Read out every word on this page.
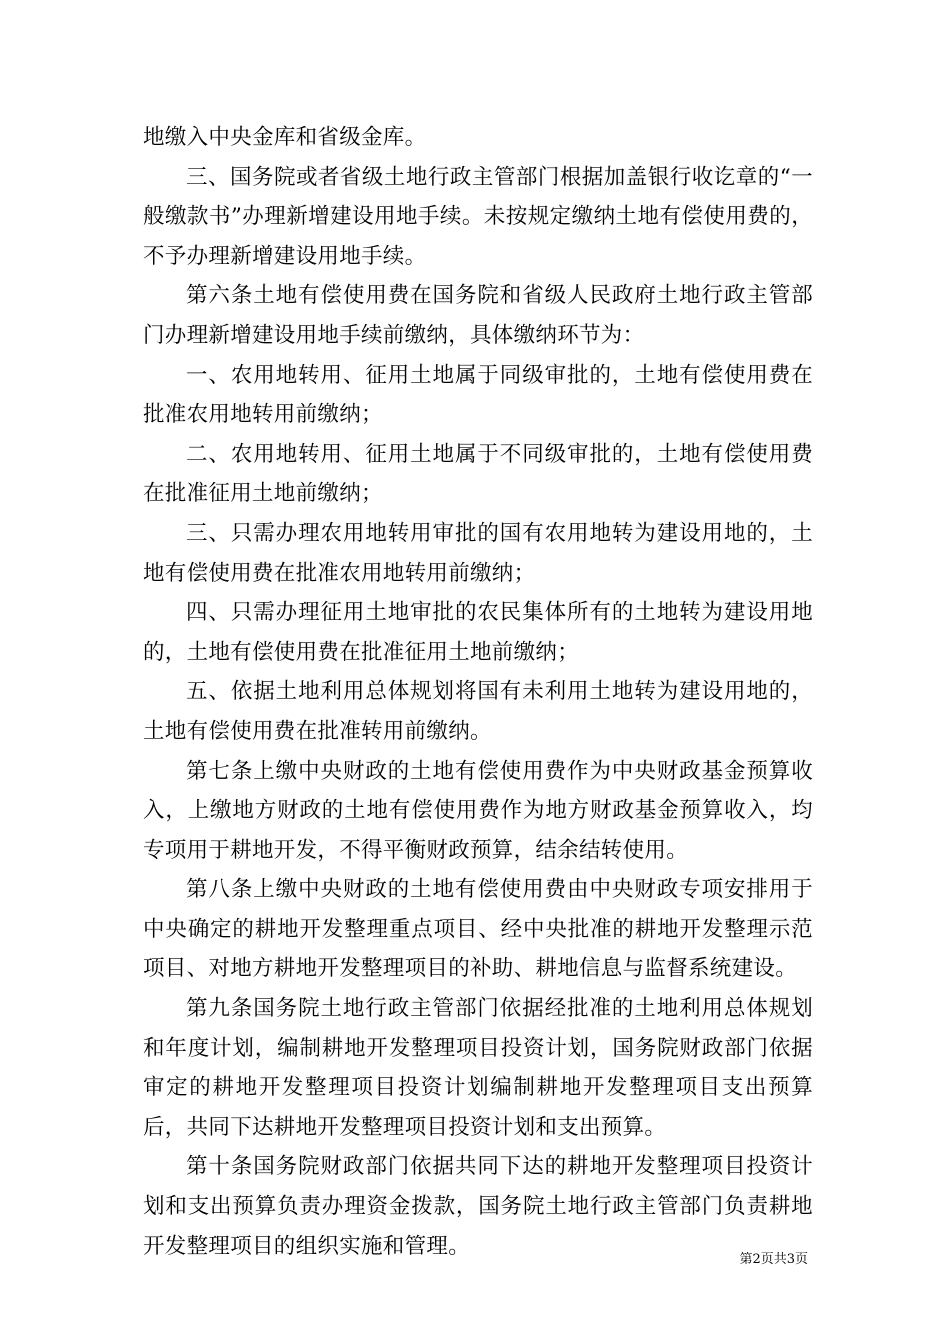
地缴入中央金库和省级金库。

三、国务院或者省级土地行政主管部门根据加盖银行收讫章的“一般缴款书”办理新增建设用地手续。未按规定缴纳土地有偿使用费的，不予办理新增建设用地手续。

第六条土地有偿使用费在国务院和省级人民政府土地行政主管部门办理新增建设用地手续前缴纳，具体缴纳环节为：

一、农用地转用、征用土地属于同级审批的，土地有偿使用费在批准农用地转用前缴纳；

二、农用地转用、征用土地属于不同级审批的，土地有偿使用费在批准征用土地前缴纳；

三、只需办理农用地转用审批的国有农用地转为建设用地的，土地有偿使用费在批准农用地转用前缴纳；

四、只需办理征用土地审批的农民集体所有的土地转为建设用地的，土地有偿使用费在批准征用土地前缴纳；

五、依据土地利用总体规划将国有未利用土地转为建设用地的，土地有偿使用费在批准转用前缴纳。

第七条上缴中央财政的土地有偿使用费作为中央财政基金预算收入，上缴地方财政的土地有偿使用费作为地方财政基金预算收入，均专项用于耕地开发，不得平衡财政预算，结余结转使用。

第八条上缴中央财政的土地有偿使用费由中央财政专项安排用于中央确定的耕地开发整理重点项目、经中央批准的耕地开发整理示范项目、对地方耕地开发整理项目的补助、耕地信息与监督系统建设。

第九条国务院土地行政主管部门依据经批准的土地利用总体规划和年度计划，编制耕地开发整理项目投资计划，国务院财政部门依据审定的耕地开发整理项目投资计划编制耕地开发整理项目支出预算后，共同下达耕地开发整理项目投资计划和支出预算。

第十条国务院财政部门依据共同下达的耕地开发整理项目投资计划和支出预算负责办理资金拨款，国务院土地行政主管部门负责耕地开发整理项目的组织实施和管理。

第2页共3页
